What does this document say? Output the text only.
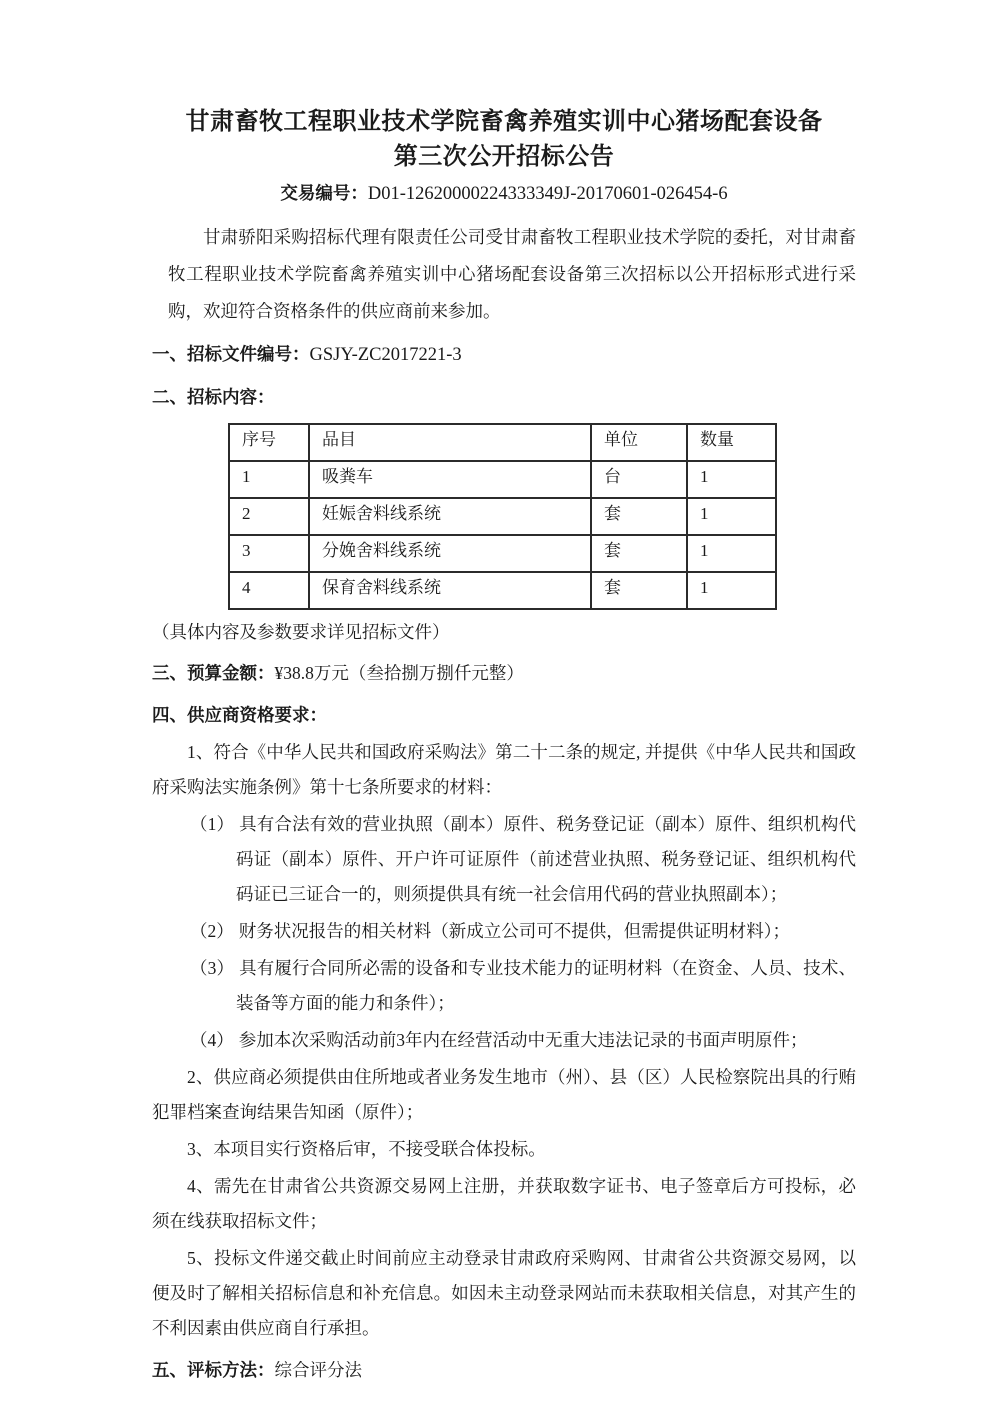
甘肃畜牧工程职业技术学院畜禽养殖实训中心猪场配套设备
第三次公开招标公告
交易编号：D01-12620000224333349J-20170601-026454-6

甘肃骄阳采购招标代理有限责任公司受甘肃畜牧工程职业技术学院的委托，对甘肃畜牧工程职业技术学院畜禽养殖实训中心猪场配套设备第三次招标以公开招标形式进行采购，欢迎符合资格条件的供应商前来参加。

一、招标文件编号：GSJY-ZC2017221-3
二、招标内容：
序号	品目	单位	数量
1	吸粪车	台	1
2	妊娠舍料线系统	套	1
3	分娩舍料线系统	套	1
4	保育舍料线系统	套	1

（具体内容及参数要求详见招标文件）

三、预算金额：¥38.8万元（叁拾捌万捌仟元整）
四、供应商资格要求：

1、符合《中华人民共和国政府采购法》第二十二条的规定, 并提供《中华人民共和国政府采购法实施条例》第十七条所要求的材料：

（1） 具有合法有效的营业执照（副本）原件、税务登记证（副本）原件、组织机构代码证（副本）原件、开户许可证原件（前述营业执照、税务登记证、组织机构代码证已三证合一的，则须提供具有统一社会信用代码的营业执照副本）；

（2） 财务状况报告的相关材料（新成立公司可不提供，但需提供证明材料）；

（3） 具有履行合同所必需的设备和专业技术能力的证明材料（在资金、人员、技术、装备等方面的能力和条件）；

（4） 参加本次采购活动前3年内在经营活动中无重大违法记录的书面声明原件；

2、供应商必须提供由住所地或者业务发生地市（州）、县（区）人民检察院出具的行贿犯罪档案查询结果告知函（原件）；

3、本项目实行资格后审，不接受联合体投标。

4、需先在甘肃省公共资源交易网上注册，并获取数字证书、电子签章后方可投标，必须在线获取招标文件；

5、投标文件递交截止时间前应主动登录甘肃政府采购网、甘肃省公共资源交易网，以便及时了解相关招标信息和补充信息。如因未主动登录网站而未获取相关信息，对其产生的不利因素由供应商自行承担。

五、评标方法：综合评分法
